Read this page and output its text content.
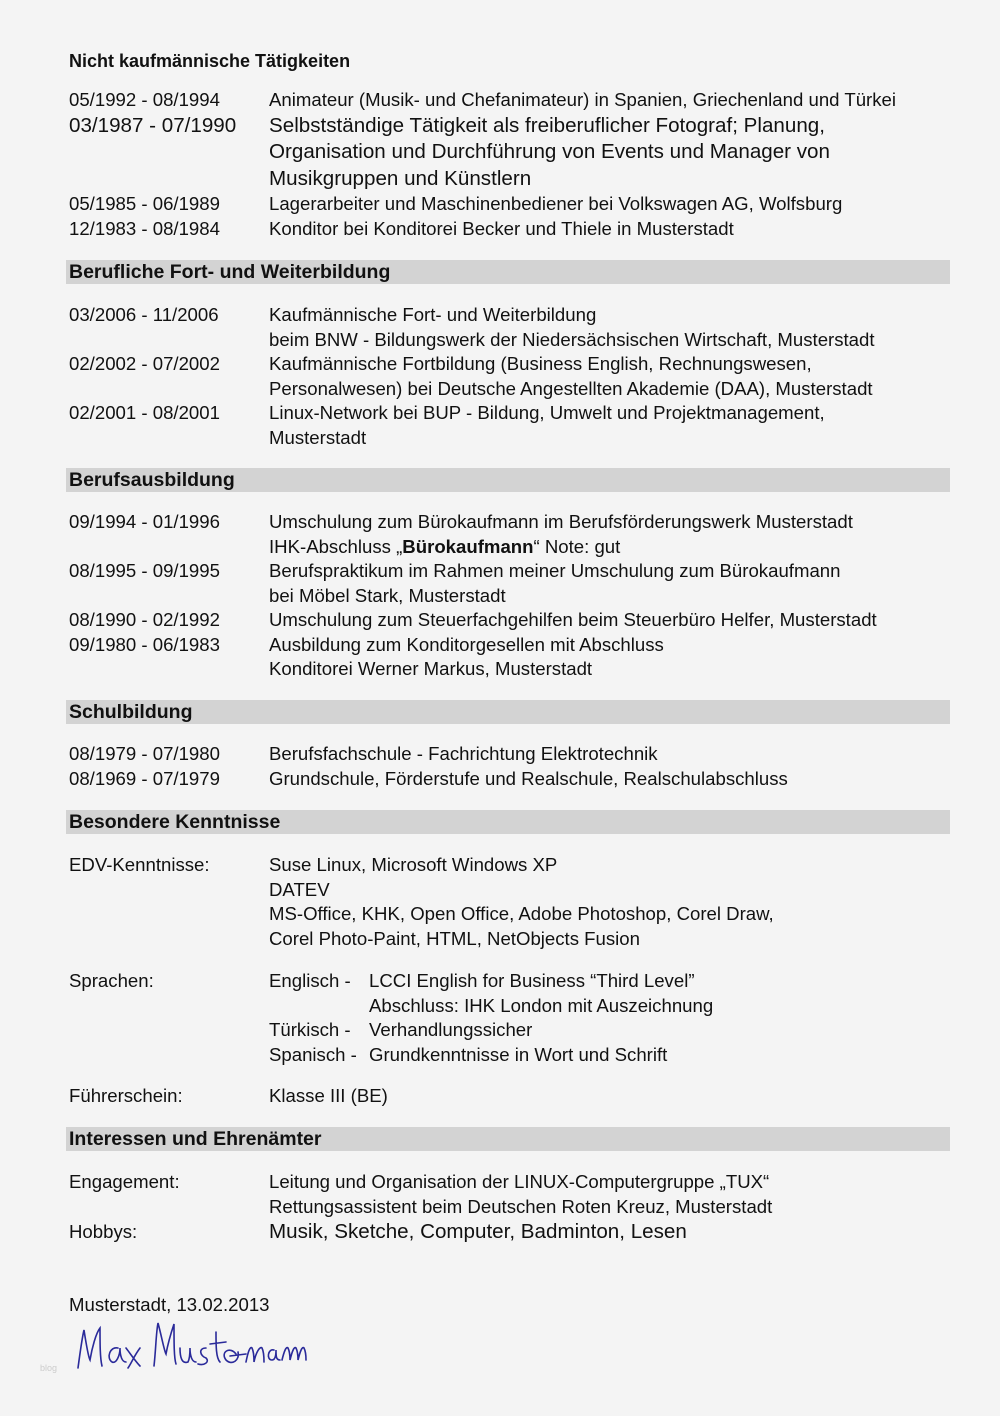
Nicht kaufmännische Tätigkeiten
05/1992 - 08/1994	Animateur (Musik- und Chefanimateur) in Spanien, Griechenland und Türkei
03/1987 - 07/1990 Selbstständige Tätigkeit als freiberuflicher Fotograf; Planung,
Organisation und Durchführung von Events und Manager von
Musikgruppen und Künstlern
05/1985 - 06/1989	Lagerarbeiter und Maschinenbediener bei Volkswagen AG, Wolfsburg
12/1983 - 08/1984	Konditor bei Konditorei Becker und Thiele in Musterstadt
Berufliche Fort- und Weiterbildung
03/2006 - 11/2006	Kaufmännische Fort- und Weiterbildung
beim BNW - Bildungswerk der Niedersächsischen Wirtschaft, Musterstadt
02/2002 - 07/2002	Kaufmännische Fortbildung (Business English, Rechnungswesen,
Personalwesen) bei Deutsche Angestellten Akademie (DAA), Musterstadt
02/2001 - 08/2001	Linux-Network bei BUP - Bildung, Umwelt und Projektmanagement,
Musterstadt
Berufsausbildung
09/1994 - 01/1996	Umschulung zum Bürokaufmann im Berufsförderungswerk Musterstadt
IHK-Abschluss „Bürokaufmann“ Note: gut
08/1995 - 09/1995	Berufspraktikum im Rahmen meiner Umschulung zum Bürokaufmann
bei Möbel Stark, Musterstadt
08/1990 - 02/1992	Umschulung zum Steuerfachgehilfen beim Steuerbüro Helfer, Musterstadt
09/1980 - 06/1983	Ausbildung zum Konditorgesellen mit Abschluss
Konditorei Werner Markus, Musterstadt
Schulbildung
08/1979 - 07/1980	Berufsfachschule - Fachrichtung Elektrotechnik
08/1969 - 07/1979	Grundschule, Förderstufe und Realschule, Realschulabschluss
Besondere Kenntnisse
EDV-Kenntnisse:	Suse Linux, Microsoft Windows XP
DATEV
MS-Office, KHK, Open Office, Adobe Photoshop, Corel Draw,
Corel Photo-Paint, HTML, NetObjects Fusion
Sprachen:	Englisch - LCCI English for Business “Third Level”
Abschluss: IHK London mit Auszeichnung
Türkisch - Verhandlungssicher
Spanisch - Grundkenntnisse in Wort und Schrift
Führerschein:	Klasse III (BE)
Interessen und Ehrenämter
Engagement:	Leitung und Organisation der LINUX-Computergruppe „TUX“
Rettungsassistent beim Deutschen Roten Kreuz, Musterstadt
Hobbys:	Musik, Sketche, Computer, Badminton, Lesen
Musterstadt, 13.02.2013
blog
